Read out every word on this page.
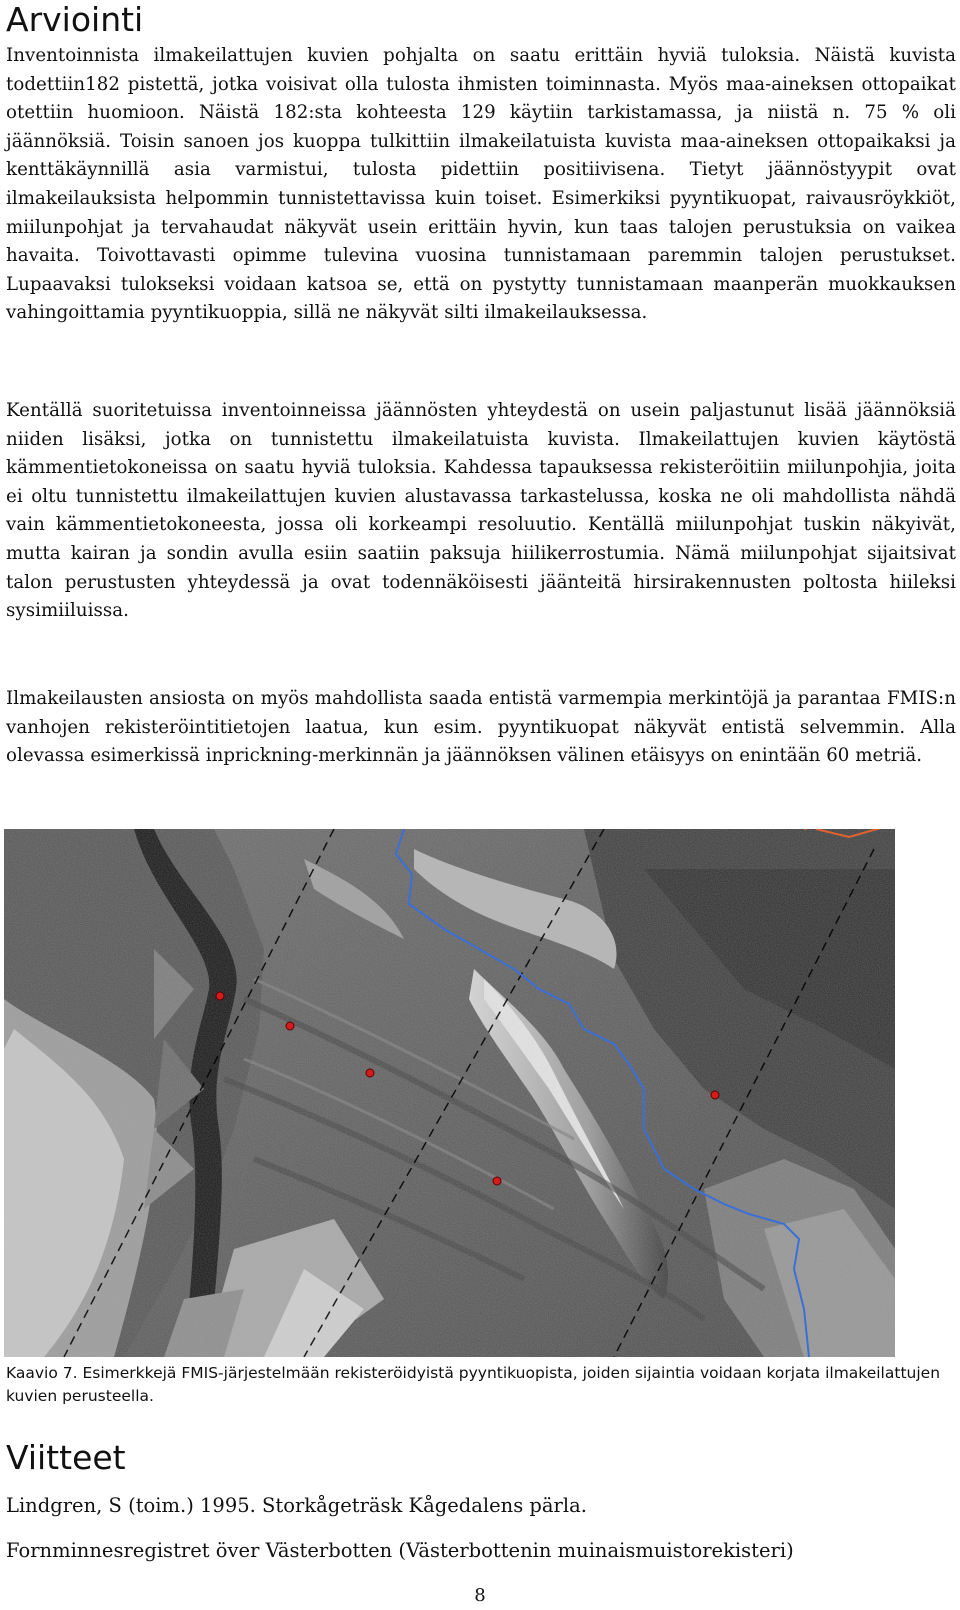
Arviointi

Inventoinnista ilmakeilattujen kuvien pohjalta on saatu erittäin hyviä tuloksia. Näistä kuvista todettiin182 pistettä, jotka voisivat olla tulosta ihmisten toiminnasta. Myös maa-aineksen ottopaikat otettiin huomioon. Näistä 182:sta kohteesta 129 käytiin tarkistamassa, ja niistä n. 75 % oli jäännöksiä. Toisin sanoen jos kuoppa tulkittiin ilmakeilatuista kuvista maa-aineksen ottopaikaksi ja kenttäkäynnillä asia varmistui, tulosta pidettiin positiivisena. Tietyt jäännöstyypit ovat ilmakeilauksista helpommin tunnistettavissa kuin toiset. Esimerkiksi pyyntikuopat, raivausröykkiöt, miilunpohjat ja tervahaudat näkyvät usein erittäin hyvin, kun taas talojen perustuksia on vaikea havaita. Toivottavasti opimme tulevina vuosina tunnistamaan paremmin talojen perustukset. Lupaavaksi tulokseksi voidaan katsoa se, että on pystytty tunnistamaan maanperän muokkauksen vahingoittamia pyyntikuoppia, sillä ne näkyvät silti ilmakeilauksessa.

Kentällä suoritetuissa inventoinneissa jäännösten yhteydestä on usein paljastunut lisää jäännöksiä niiden lisäksi, jotka on tunnistettu ilmakeilatuista kuvista. Ilmakeilattujen kuvien käytöstä kämmentietokoneissa on saatu hyviä tuloksia. Kahdessa tapauksessa rekisteröitiin miilunpohjia, joita ei oltu tunnistettu ilmakeilattujen kuvien alustavassa tarkastelussa, koska ne oli mahdollista nähdä vain kämmentietokoneesta, jossa oli korkeampi resoluutio. Kentällä miilunpohjat tuskin näkyivät, mutta kairan ja sondin avulla esiin saatiin paksuja hiilikerrostumia. Nämä miilunpohjat sijaitsivat talon perustusten yhteydessä ja ovat todennäköisesti jäänteitä hirsirakennusten poltosta hiileksi sysimiiluissa.

Ilmakeilausten ansiosta on myös mahdollista saada entistä varmempia merkintöjä ja parantaa FMIS:n vanhojen rekisteröintitietojen laatua, kun esim. pyyntikuopat näkyvät entistä selvemmin. Alla olevassa esimerkissä inprickning-merkinnän ja jäännöksen välinen etäisyys on enintään 60 metriä.

Kaavio 7. Esimerkkejä FMIS-järjestelmään rekisteröidyistä pyyntikuopista, joiden sijaintia voidaan korjata ilmakeilattujen kuvien perusteella.

Viitteet

Lindgren, S (toim.) 1995. Storkågeträsk Kågedalens pärla.

Fornminnesregistret över Västerbotten (Västerbottenin muinaismuistorekisteri)

8
